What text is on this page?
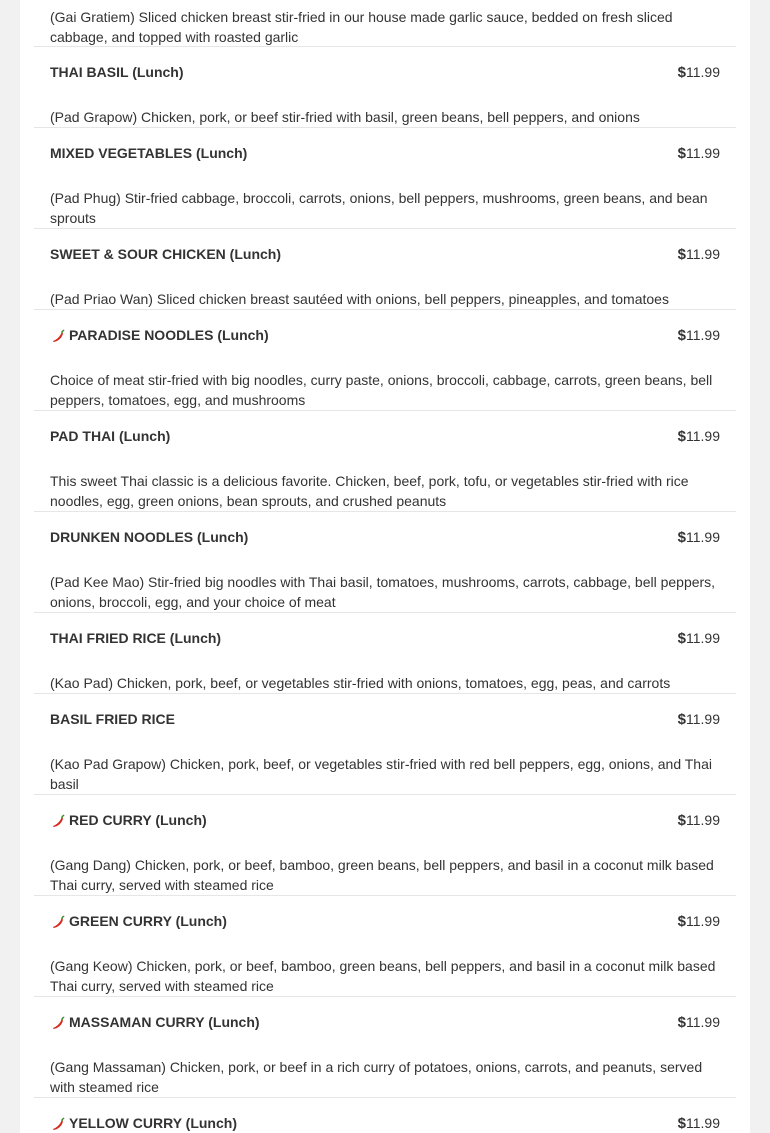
(Gai Gratiem) Sliced chicken breast stir-fried in our house made garlic sauce, bedded on fresh sliced cabbage, and topped with roasted garlic
THAI BASIL (Lunch)	$11.99
(Pad Grapow) Chicken, pork, or beef stir-fried with basil, green beans, bell peppers, and onions
MIXED VEGETABLES (Lunch)	$11.99
(Pad Phug) Stir-fried cabbage, broccoli, carrots, onions, bell peppers, mushrooms, green beans, and bean sprouts
SWEET & SOUR CHICKEN (Lunch)	$11.99
(Pad Priao Wan) Sliced chicken breast sautéed with onions, bell peppers, pineapples, and tomatoes
PARADISE NOODLES (Lunch)	$11.99
Choice of meat stir-fried with big noodles, curry paste, onions, broccoli, cabbage, carrots, green beans, bell peppers, tomatoes, egg, and mushrooms
PAD THAI (Lunch)	$11.99
This sweet Thai classic is a delicious favorite. Chicken, beef, pork, tofu, or vegetables stir-fried with rice noodles, egg, green onions, bean sprouts, and crushed peanuts
DRUNKEN NOODLES (Lunch)	$11.99
(Pad Kee Mao) Stir-fried big noodles with Thai basil, tomatoes, mushrooms, carrots, cabbage, bell peppers, onions, broccoli, egg, and your choice of meat
THAI FRIED RICE (Lunch)	$11.99
(Kao Pad) Chicken, pork, beef, or vegetables stir-fried with onions, tomatoes, egg, peas, and carrots
BASIL FRIED RICE	$11.99
(Kao Pad Grapow) Chicken, pork, beef, or vegetables stir-fried with red bell peppers, egg, onions, and Thai basil
RED CURRY (Lunch)	$11.99
(Gang Dang) Chicken, pork, or beef, bamboo, green beans, bell peppers, and basil in a coconut milk based Thai curry, served with steamed rice
GREEN CURRY (Lunch)	$11.99
(Gang Keow) Chicken, pork, or beef, bamboo, green beans, bell peppers, and basil in a coconut milk based Thai curry, served with steamed rice
MASSAMAN CURRY (Lunch)	$11.99
(Gang Massaman) Chicken, pork, or beef in a rich curry of potatoes, onions, carrots, and peanuts, served with steamed rice
YELLOW CURRY (Lunch)	$11.99
